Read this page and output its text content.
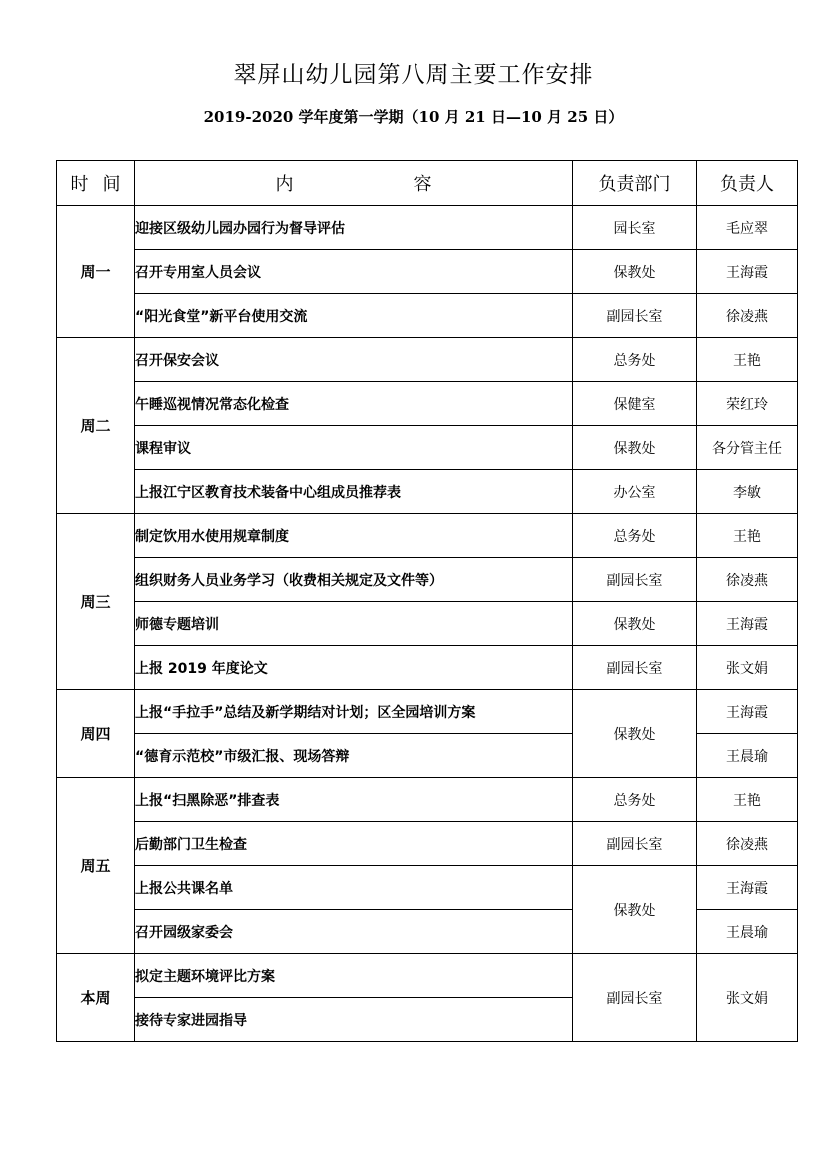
翠屏山幼儿园第八周主要工作安排
2019-2020 学年度第一学期（10 月 21 日—10 月 25 日）
时 间	内 容	负责部门	负责人
周一	迎接区级幼儿园办园行为督导评估	园长室	毛应翠
	召开专用室人员会议	保教处	王海霞
	“阳光食堂”新平台使用交流	副园长室	徐凌燕
周二	召开保安会议	总务处	王艳
	午睡巡视情况常态化检查	保健室	荣红玲
	课程审议	保教处	各分管主任
	上报江宁区教育技术装备中心组成员推荐表	办公室	李敏
周三	制定饮用水使用规章制度	总务处	王艳
	组织财务人员业务学习（收费相关规定及文件等）	副园长室	徐凌燕
	师德专题培训	保教处	王海霞
	上报 2019 年度论文	副园长室	张文娟
周四	上报“手拉手”总结及新学期结对计划；区全园培训方案	保教处	王海霞
	“德育示范校”市级汇报、现场答辩		王晨瑜
周五	上报“扫黑除恶”排查表	总务处	王艳
	后勤部门卫生检查	副园长室	徐凌燕
	上报公共课名单	保教处	王海霞
	召开园级家委会		王晨瑜
本周	拟定主题环境评比方案	副园长室	张文娟
	接待专家进园指导		
